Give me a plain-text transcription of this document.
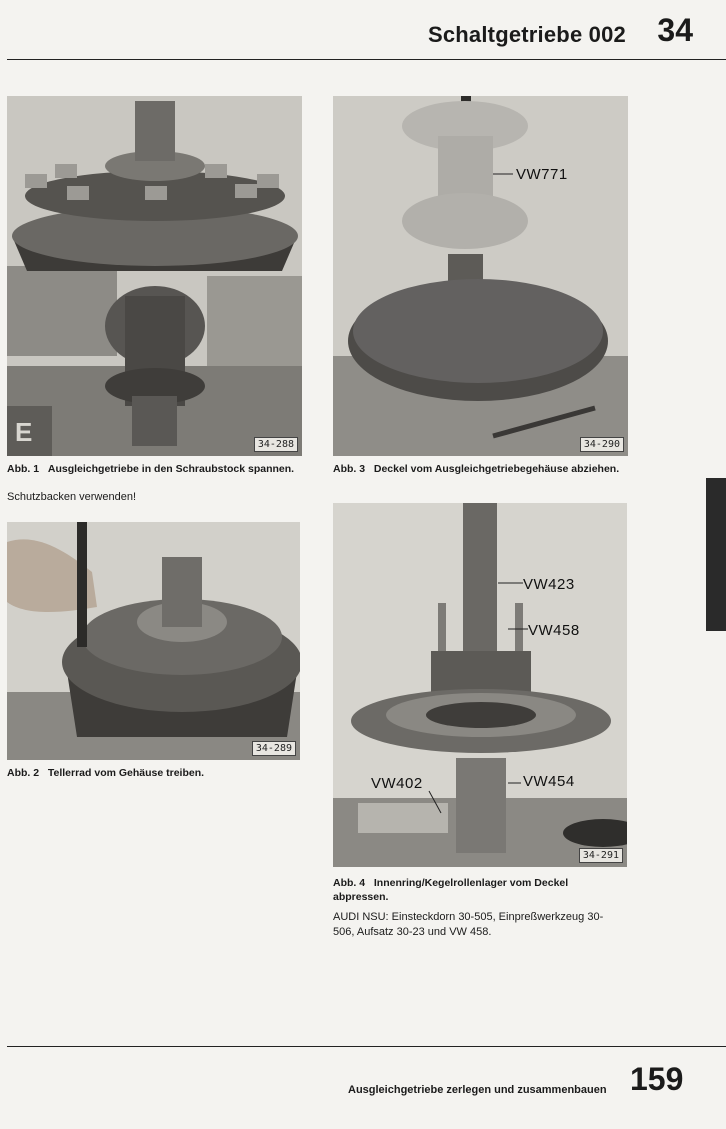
Schaltgetriebe 002 34
E	34-288
Abb. 1 Ausgleichgetriebe in den Schraubstock spannen.
Schutzbacken verwenden!
34-289
Abb. 2 Tellerrad vom Gehäuse treiben.
VW771
34-290
Abb. 3 Deckel vom Ausgleichgetriebegehäuse abziehen.
VW423
VW458
VW402	VW454
34-291
Abb. 4 Innenring/Kegelrollenlager vom Deckel abpressen.
AUDI NSU: Einsteckdorn 30-505, Einpreßwerkzeug 30-506, Aufsatz 30-23 und VW 458.
Ausgleichgetriebe zerlegen und zusammenbauen 159
